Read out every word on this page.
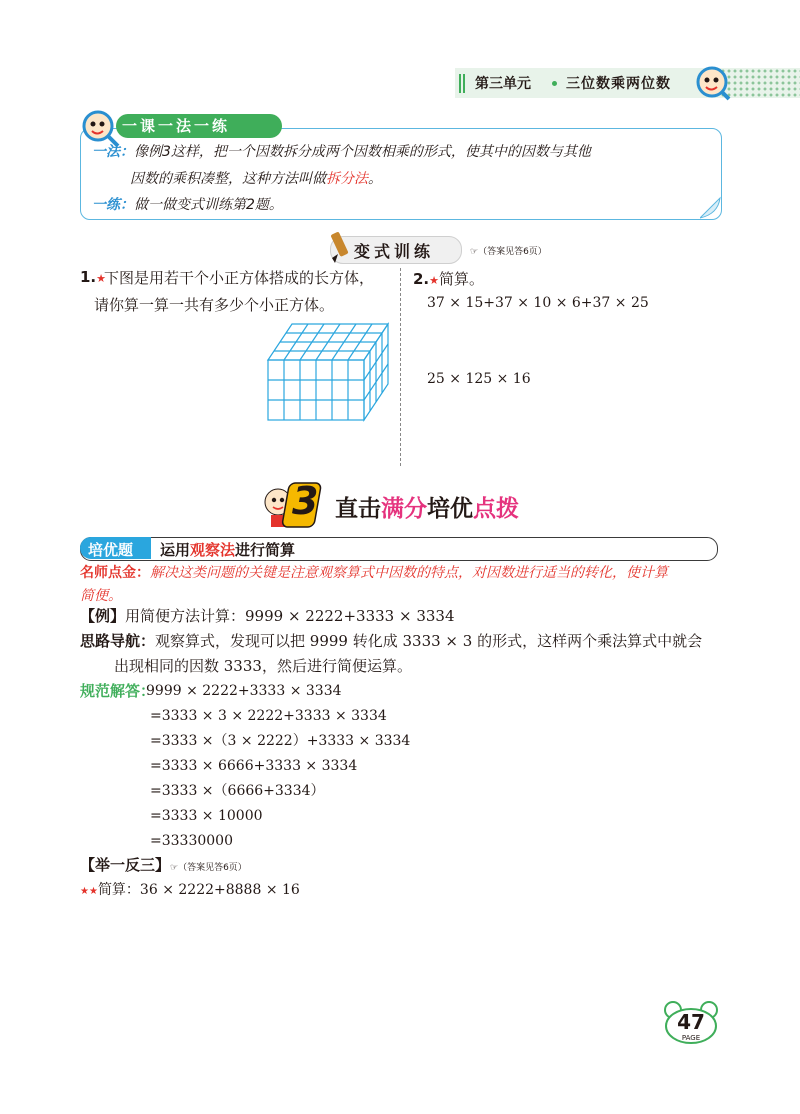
第三单元	三位数乘两位数
一课一法一练
一法：像例3这样，把一个因数拆分成两个因数相乘的形式，使其中的因数与其他
因数的乘积凑整，这种方法叫做拆分法。
一练：做一做变式训练第2题。
变式训练	☞（答案见答6页）
1.★
下图是用若干个小正方体搭成的长方体，
请你算一算一共有多少个小正方体。
2.★简算。
37 × 15+37 × 10 × 6+37 × 25
25 × 125 × 16
3 直击满分培优点拨
培优题 运用观察法进行简算
名师点金：解决这类问题的关键是注意观察算式中因数的特点，对因数进行适当的转化，使计算
简便。
【例】用简便方法计算：9999 × 2222+3333 × 3334
思路导航：观察算式，发现可以把 9999 转化成 3333 × 3 的形式，这样两个乘法算式中就会
出现相同的因数 3333，然后进行简便运算。
规范解答：
9999 × 2222+3333 × 3334
=3333 × 3 × 2222+3333 × 3334
=3333 ×（3 × 2222）+3333 × 3334
=3333 × 6666+3333 × 3334
=3333 ×（6666+3334）
=3333 × 10000
=33330000
【举一反三】☞（答案见答6页）
★★简算：36 × 2222+8888 × 16
47
PAGE
